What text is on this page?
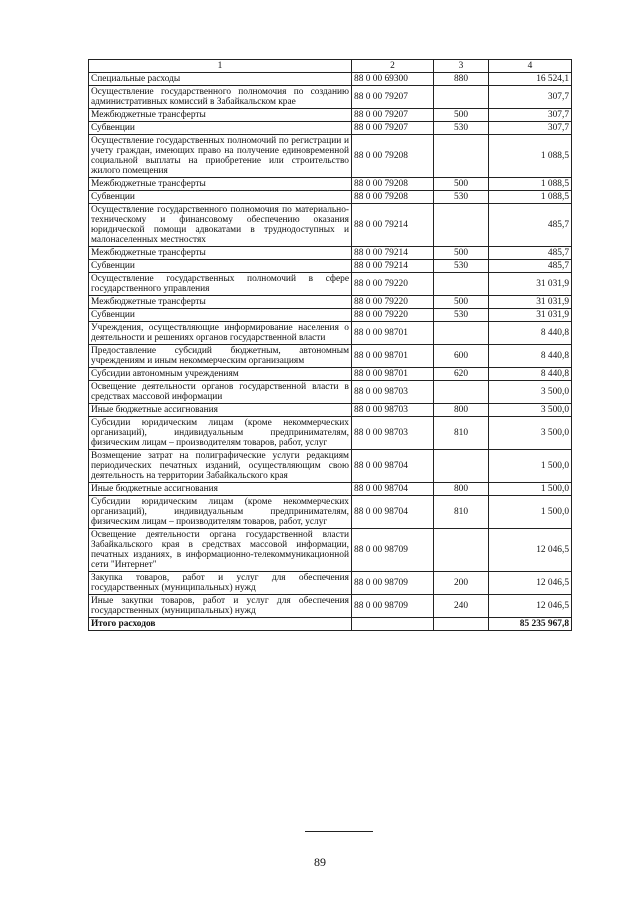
1	2	3	4
Специальные расходы	88 0 00 69300	880	16 524,1
Осуществление государственного полномочия по созданию административных комиссий в Забайкальском крае	88 0 00 79207		307,7
Межбюджетные трансферты	88 0 00 79207	500	307,7
Субвенции	88 0 00 79207	530	307,7
Осуществление государственных полномочий по регистрации и учету граждан, имеющих право на получение единовременной социальной выплаты на приобретение или строительство жилого помещения	88 0 00 79208		1 088,5
Межбюджетные трансферты	88 0 00 79208	500	1 088,5
Субвенции	88 0 00 79208	530	1 088,5
Осуществление государственного полномочия по материально-техническому и финансовому обеспечению оказания юридической помощи адвокатами в труднодоступных и малонаселенных местностях	88 0 00 79214		485,7
Межбюджетные трансферты	88 0 00 79214	500	485,7
Субвенции	88 0 00 79214	530	485,7
Осуществление государственных полномочий в сфере государственного управления	88 0 00 79220		31 031,9
Межбюджетные трансферты	88 0 00 79220	500	31 031,9
Субвенции	88 0 00 79220	530	31 031,9
Учреждения, осуществляющие информирование населения о деятельности и решениях органов государственной власти	88 0 00 98701		8 440,8
Предоставление субсидий бюджетным, автономным учреждениям и иным некоммерческим организациям	88 0 00 98701	600	8 440,8
Субсидии автономным учреждениям	88 0 00 98701	620	8 440,8
Освещение деятельности органов государственной власти в средствах массовой информации	88 0 00 98703		3 500,0
Иные бюджетные ассигнования	88 0 00 98703	800	3 500,0
Субсидии юридическим лицам (кроме некоммерческих организаций), индивидуальным предпринимателям, физическим лицам – производителям товаров, работ, услуг	88 0 00 98703	810	3 500,0
Возмещение затрат на полиграфические услуги редакциям периодических печатных изданий, осуществляющим свою деятельность на территории Забайкальского края	88 0 00 98704		1 500,0
Иные бюджетные ассигнования	88 0 00 98704	800	1 500,0
Субсидии юридическим лицам (кроме некоммерческих организаций), индивидуальным предпринимателям, физическим лицам – производителям товаров, работ, услуг	88 0 00 98704	810	1 500,0
Освещение деятельности органа государственной власти Забайкальского края в средствах массовой информации, печатных изданиях, в информационно-телекоммуникационной сети "Интернет"	88 0 00 98709		12 046,5
Закупка товаров, работ и услуг для обеспечения государственных (муниципальных) нужд	88 0 00 98709	200	12 046,5
Иные закупки товаров, работ и услуг для обеспечения государственных (муниципальных) нужд	88 0 00 98709	240	12 046,5
Итого расходов			85 235 967,8
89
